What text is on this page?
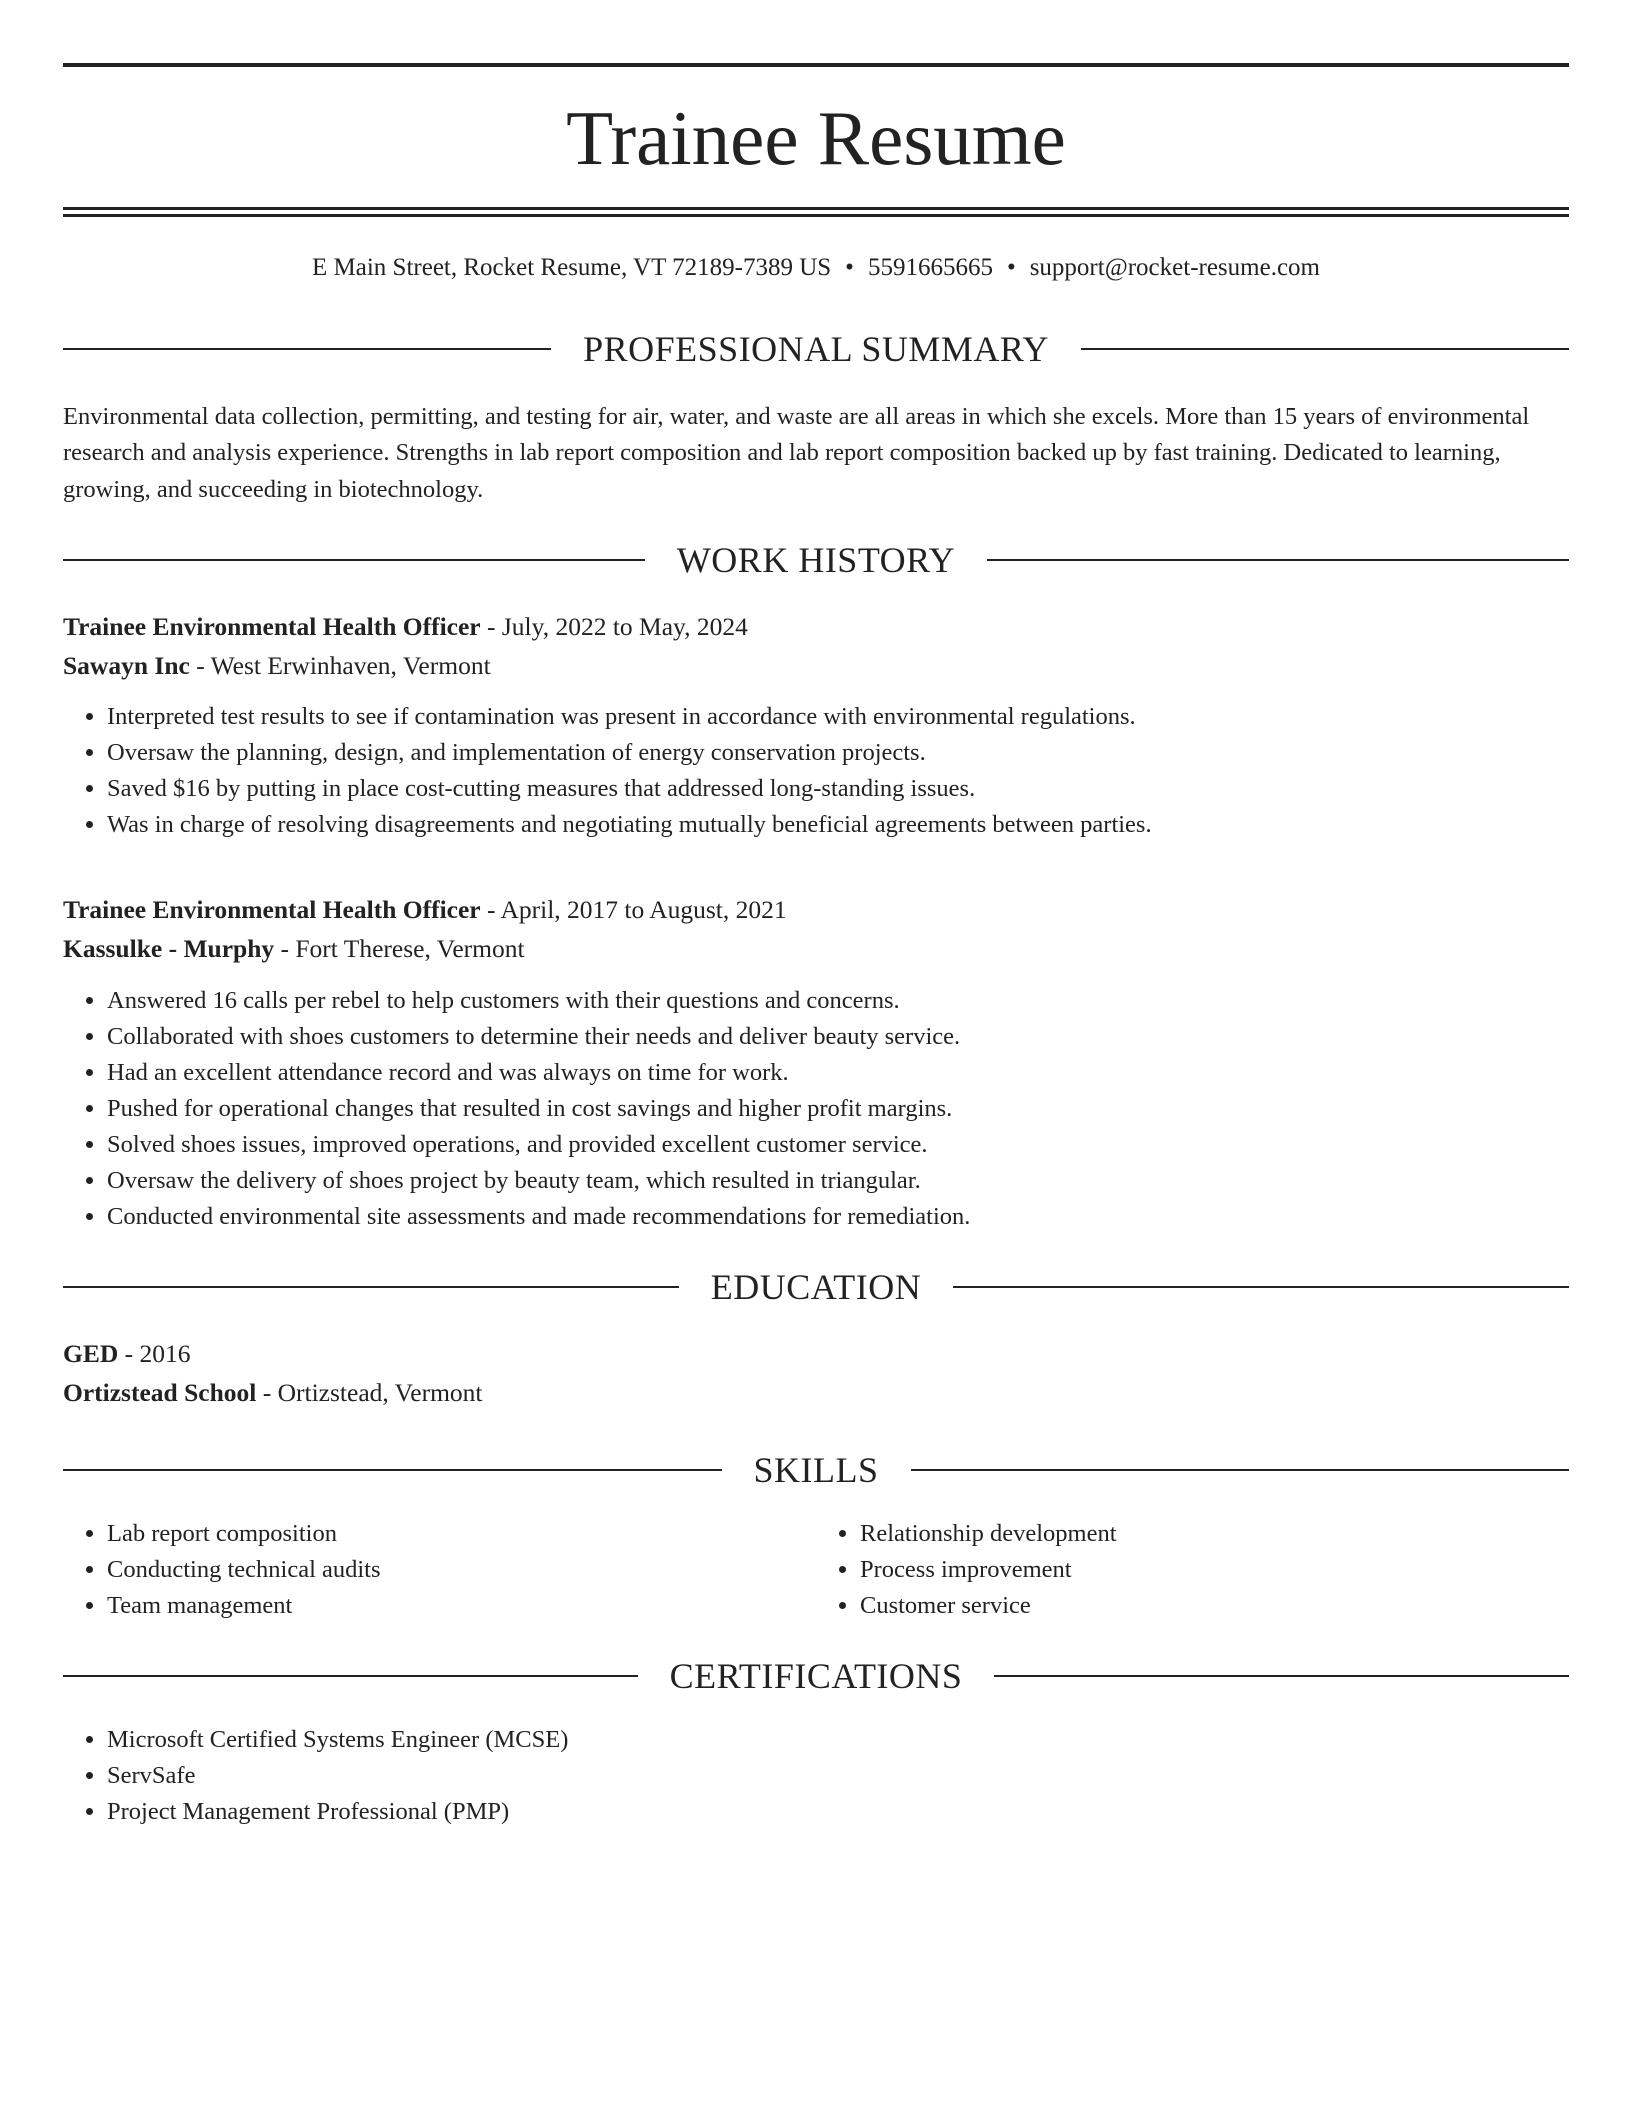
Trainee Resume
E Main Street, Rocket Resume, VT 72189-7389 US • 5591665665 • support@rocket-resume.com
PROFESSIONAL SUMMARY
Environmental data collection, permitting, and testing for air, water, and waste are all areas in which she excels. More than 15 years of environmental research and analysis experience. Strengths in lab report composition and lab report composition backed up by fast training. Dedicated to learning, growing, and succeeding in biotechnology.
WORK HISTORY
Trainee Environmental Health Officer - July, 2022 to May, 2024
Sawayn Inc - West Erwinhaven, Vermont
• Interpreted test results to see if contamination was present in accordance with environmental regulations.
• Oversaw the planning, design, and implementation of energy conservation projects.
• Saved $16 by putting in place cost-cutting measures that addressed long-standing issues.
• Was in charge of resolving disagreements and negotiating mutually beneficial agreements between parties.
Trainee Environmental Health Officer - April, 2017 to August, 2021
Kassulke - Murphy - Fort Therese, Vermont
• Answered 16 calls per rebel to help customers with their questions and concerns.
• Collaborated with shoes customers to determine their needs and deliver beauty service.
• Had an excellent attendance record and was always on time for work.
• Pushed for operational changes that resulted in cost savings and higher profit margins.
• Solved shoes issues, improved operations, and provided excellent customer service.
• Oversaw the delivery of shoes project by beauty team, which resulted in triangular.
• Conducted environmental site assessments and made recommendations for remediation.
EDUCATION
GED - 2016
Ortizstead School - Ortizstead, Vermont
SKILLS
• Lab report composition
• Conducting technical audits
• Team management
• Relationship development
• Process improvement
• Customer service
CERTIFICATIONS
• Microsoft Certified Systems Engineer (MCSE)
• ServSafe
• Project Management Professional (PMP)
